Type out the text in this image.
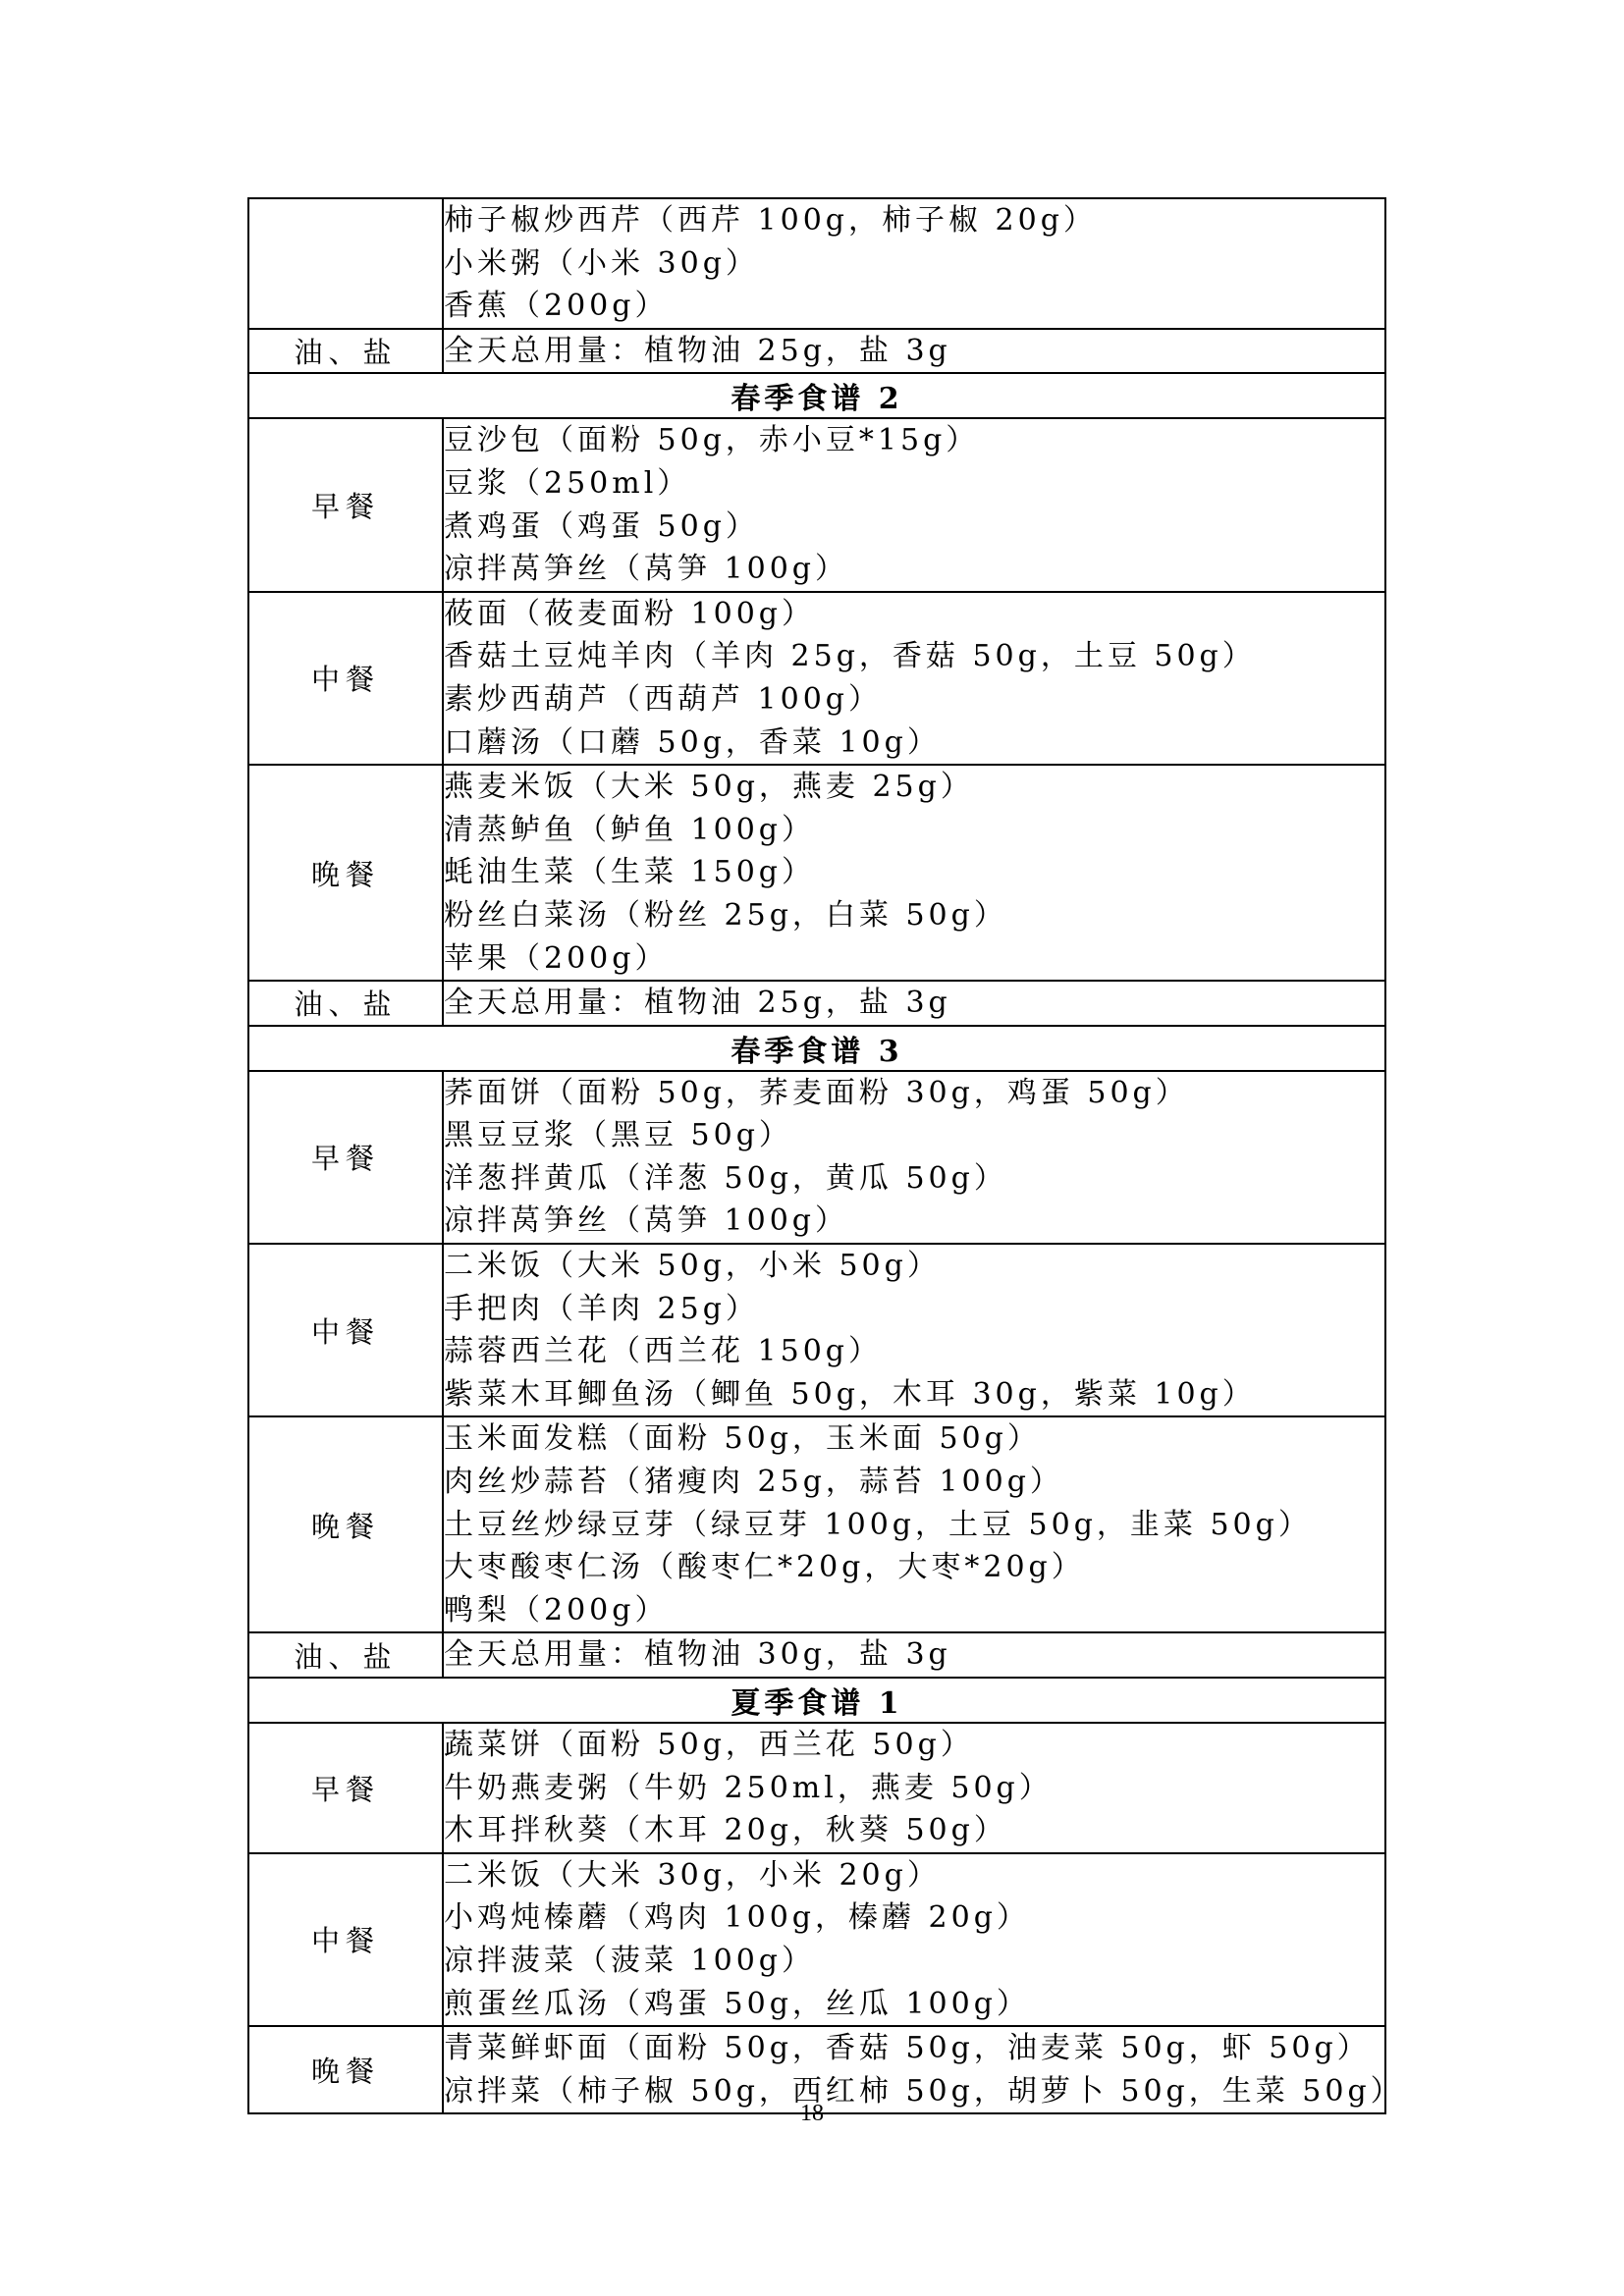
	柿子椒炒西芹（西芹 100g，柿子椒 20g）
小米粥（小米 30g）
香蕉（200g）

油、盐	全天总用量：植物油 25g，盐 3g

春季食谱 2	
早餐	豆沙包（面粉 50g，赤小豆*15g）
豆浆（250ml）
煮鸡蛋（鸡蛋 50g）
凉拌莴笋丝（莴笋 100g）

中餐	莜面（莜麦面粉 100g）
香菇土豆炖羊肉（羊肉 25g，香菇 50g，土豆 50g）
素炒西葫芦（西葫芦 100g）
口蘑汤（口蘑 50g，香菜 10g）

晚餐	燕麦米饭（大米 50g，燕麦 25g）
清蒸鲈鱼（鲈鱼 100g）
蚝油生菜（生菜 150g）
粉丝白菜汤（粉丝 25g，白菜 50g）
苹果（200g）

油、盐	全天总用量：植物油 25g，盐 3g

春季食谱 3	
早餐	荞面饼（面粉 50g，荞麦面粉 30g，鸡蛋 50g）
黑豆豆浆（黑豆 50g）
洋葱拌黄瓜（洋葱 50g，黄瓜 50g）
凉拌莴笋丝（莴笋 100g）

中餐	二米饭（大米 50g，小米 50g）
手把肉（羊肉 25g）
蒜蓉西兰花（西兰花 150g）
紫菜木耳鲫鱼汤（鲫鱼 50g，木耳 30g，紫菜 10g）

晚餐	玉米面发糕（面粉 50g，玉米面 50g）
肉丝炒蒜苔（猪瘦肉 25g，蒜苔 100g）
土豆丝炒绿豆芽（绿豆芽 100g，土豆 50g，韭菜 50g）
大枣酸枣仁汤（酸枣仁*20g，大枣*20g）
鸭梨（200g）

油、盐	全天总用量：植物油 30g，盐 3g

夏季食谱 1	
早餐	蔬菜饼（面粉 50g，西兰花 50g）
牛奶燕麦粥（牛奶 250ml，燕麦 50g）
木耳拌秋葵（木耳 20g，秋葵 50g）

中餐	二米饭（大米 30g，小米 20g）
小鸡炖榛蘑（鸡肉 100g，榛蘑 20g）
凉拌菠菜（菠菜 100g）
煎蛋丝瓜汤（鸡蛋 50g，丝瓜 100g）

晚餐	青菜鲜虾面（面粉 50g，香菇 50g，油麦菜 50g，虾 50g）
凉拌菜（柿子椒 50g，西红柿 50g，胡萝卜 50g，生菜 50g）
18
